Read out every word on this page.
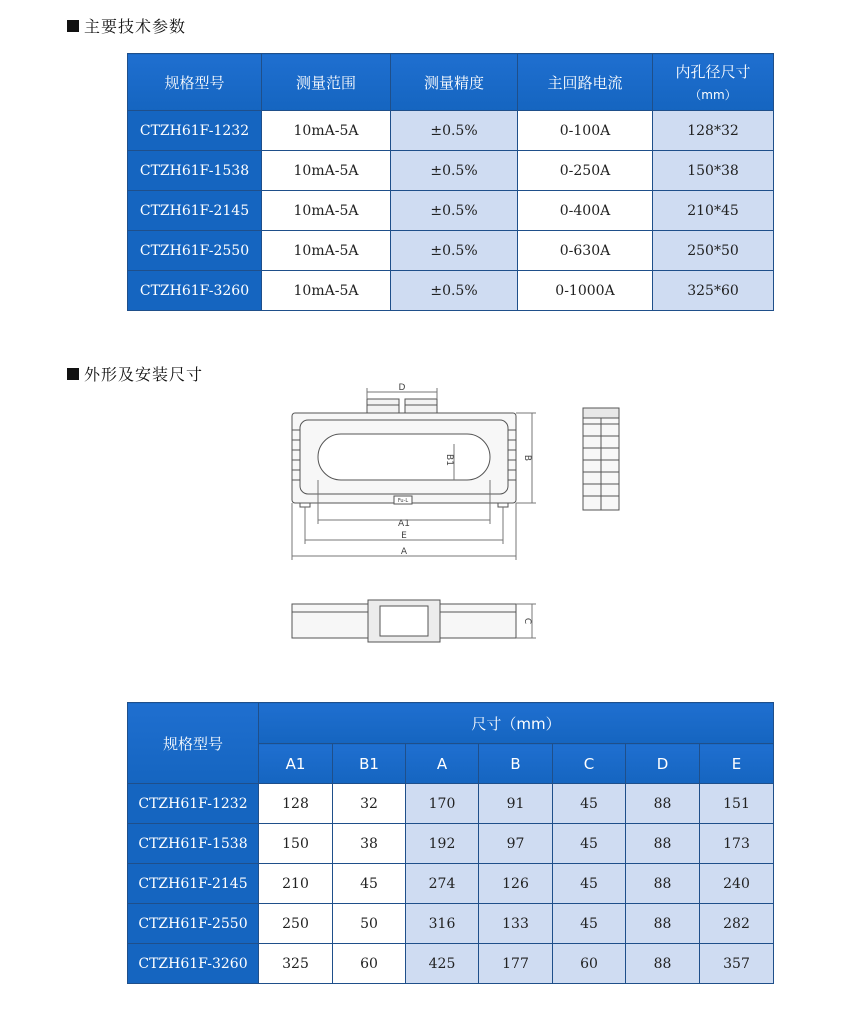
主要技术参数
规格型号	测量范围	测量精度	主回路电流	内孔径尺寸
（mm）

CTZH61F-1232	10mA-5A	±0.5%	0-100A	128*32
CTZH61F-1538	10mA-5A	±0.5%	0-250A	150*38
CTZH61F-2145	10mA-5A	±0.5%	0-400A	210*45
CTZH61F-2550	10mA-5A	±0.5%	0-630A	250*50
CTZH61F-3260	10mA-5A	±0.5%	0-1000A	325*60
外形及安装尺寸
D
B1	B
A1
E
A
C
Fu-L
规格型号	尺寸（mm）						
	A1	B1	A	B	C	D	E
CTZH61F-1232	128	32	170	91	45	88	151
CTZH61F-1538	150	38	192	97	45	88	173
CTZH61F-2145	210	45	274	126	45	88	240
CTZH61F-2550	250	50	316	133	45	88	282
CTZH61F-3260	325	60	425	177	60	88	357
